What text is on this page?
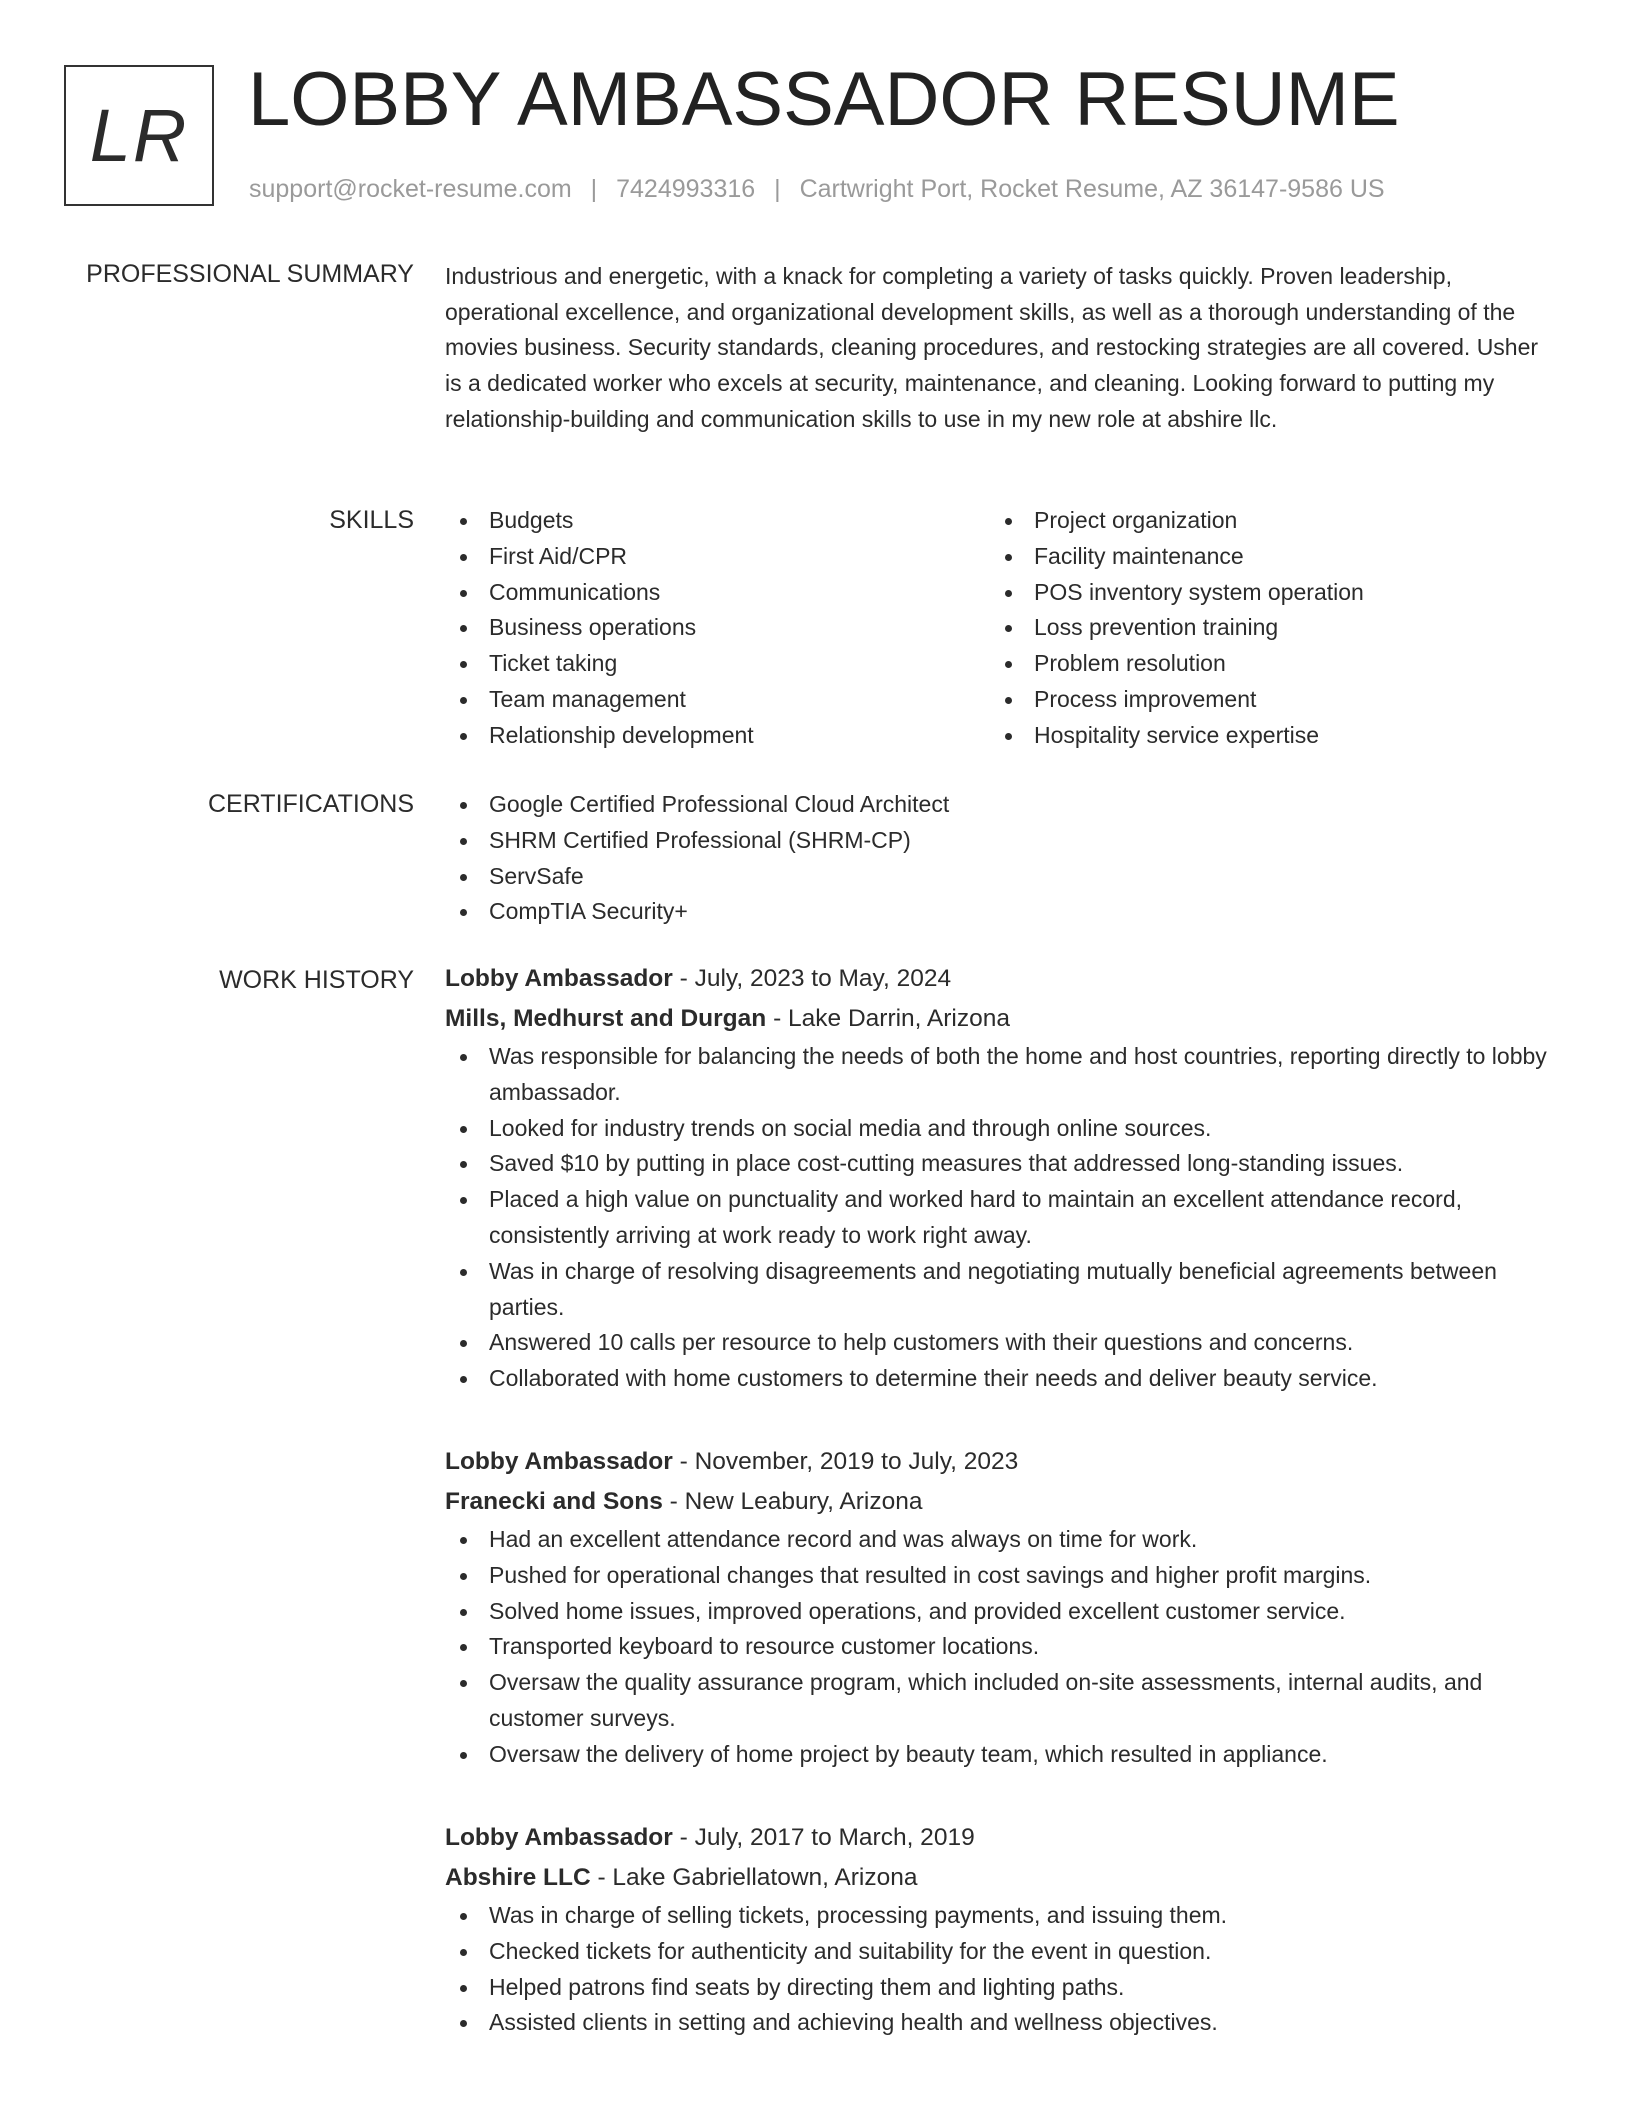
LR LOBBY AMBASSADOR RESUME
support@rocket-resume.com | 7424993316 | Cartwright Port, Rocket Resume, AZ 36147-9586 US
PROFESSIONAL SUMMARY Industrious and energetic, with a knack for completing a variety of tasks quickly. Proven leadership, operational excellence, and organizational development skills, as well as a thorough understanding of the movies business. Security standards, cleaning procedures, and restocking strategies are all covered. Usher is a dedicated worker who excels at security, maintenance, and cleaning. Looking forward to putting my relationship-building and communication skills to use in my new role at abshire llc.

SKILLS	Budgets
First Aid/CPR
Communications
Business operations
Ticket taking
Team management
Relationship development
Project organization
Facility maintenance
POS inventory system operation
Loss prevention training
Problem resolution
Process improvement
Hospitality service expertise
CERTIFICATIONS	Google Certified Professional Cloud Architect
SHRM Certified Professional (SHRM-CP)
ServSafe
CompTIA Security+
WORK HISTORY Lobby Ambassador - July, 2023 to May, 2024
Mills, Medhurst and Durgan - Lake Darrin, Arizona
Was responsible for balancing the needs of both the home and host countries, reporting directly to lobby ambassador.
Looked for industry trends on social media and through online sources.
Saved $10 by putting in place cost-cutting measures that addressed long-standing issues.
Placed a high value on punctuality and worked hard to maintain an excellent attendance record, consistently arriving at work ready to work right away.
Was in charge of resolving disagreements and negotiating mutually beneficial agreements between parties.
Answered 10 calls per resource to help customers with their questions and concerns.
Collaborated with home customers to determine their needs and deliver beauty service.
Lobby Ambassador - November, 2019 to July, 2023
Franecki and Sons - New Leabury, Arizona
Had an excellent attendance record and was always on time for work.
Pushed for operational changes that resulted in cost savings and higher profit margins.
Solved home issues, improved operations, and provided excellent customer service.
Transported keyboard to resource customer locations.
Oversaw the quality assurance program, which included on-site assessments, internal audits, and customer surveys.
Oversaw the delivery of home project by beauty team, which resulted in appliance.
Lobby Ambassador - July, 2017 to March, 2019
Abshire LLC - Lake Gabriellatown, Arizona
Was in charge of selling tickets, processing payments, and issuing them.
Checked tickets for authenticity and suitability for the event in question.
Helped patrons find seats by directing them and lighting paths.
Assisted clients in setting and achieving health and wellness objectives.
